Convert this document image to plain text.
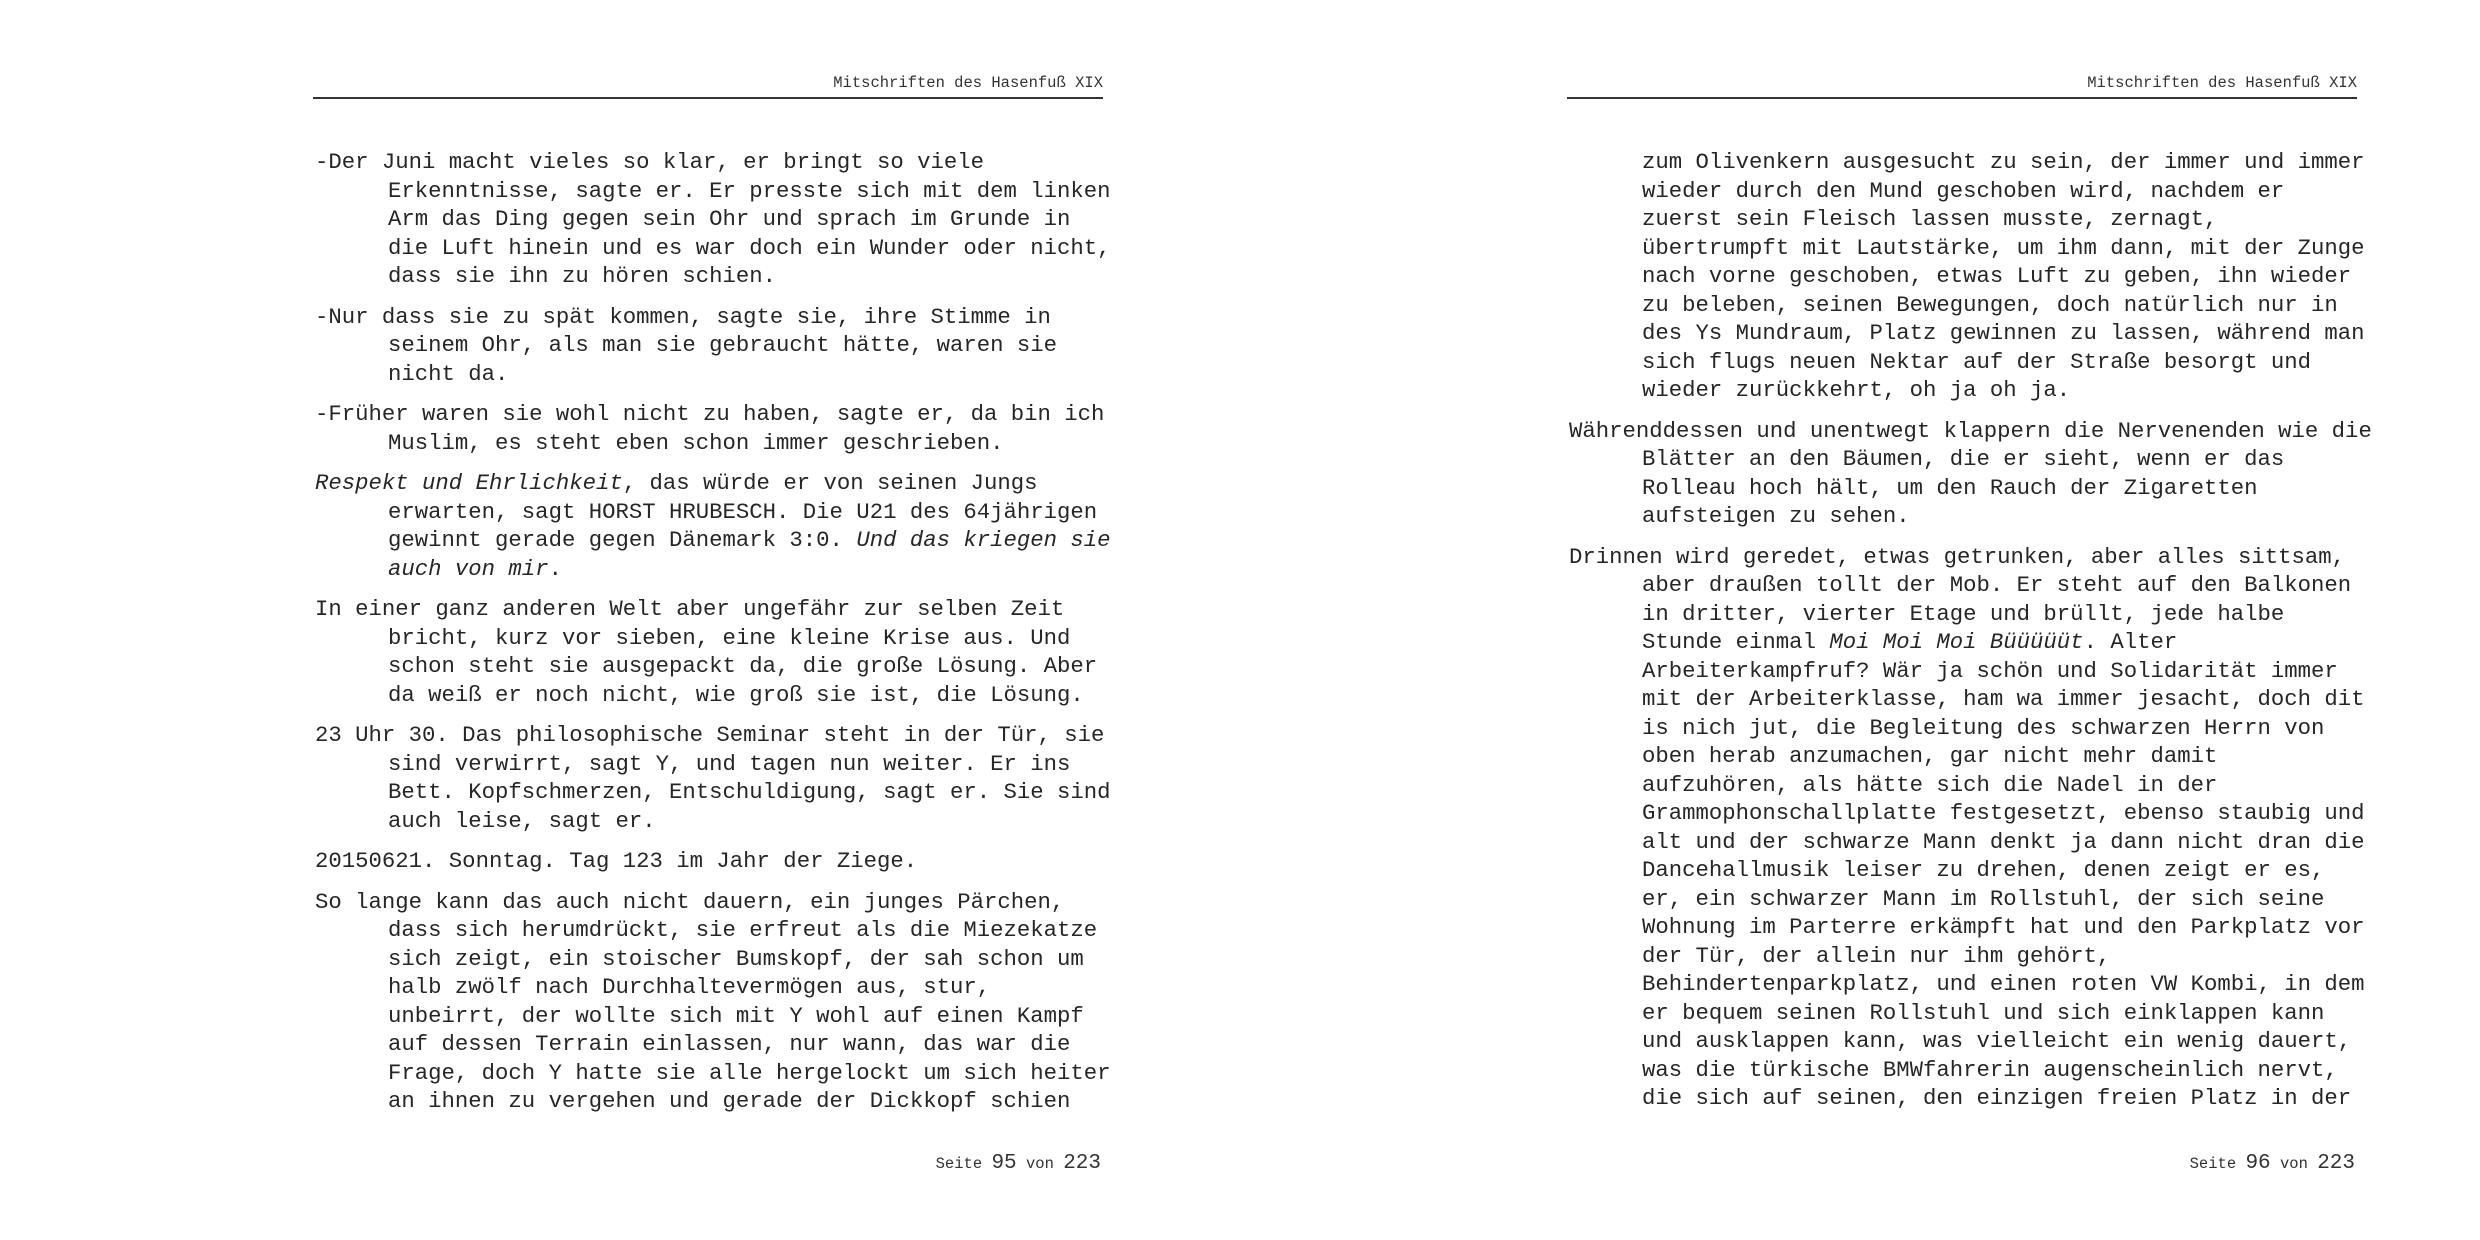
Mitschriften des Hasenfuß XIX

-Der Juni macht vieles so klar, er bringt so viele
Erkenntnisse, sagte er. Er presste sich mit dem linken
Arm das Ding gegen sein Ohr und sprach im Grunde in
die Luft hinein und es war doch ein Wunder oder nicht,
dass sie ihn zu hören schien.

-Nur dass sie zu spät kommen, sagte sie, ihre Stimme in
seinem Ohr, als man sie gebraucht hätte, waren sie
nicht da.

-Früher waren sie wohl nicht zu haben, sagte er, da bin ich
Muslim, es steht eben schon immer geschrieben.

Respekt und Ehrlichkeit, das würde er von seinen Jungs
erwarten, sagt HORST HRUBESCH. Die U21 des 64jährigen
gewinnt gerade gegen Dänemark 3:0. Und das kriegen sie
auch von mir.

In einer ganz anderen Welt aber ungefähr zur selben Zeit
bricht, kurz vor sieben, eine kleine Krise aus. Und
schon steht sie ausgepackt da, die große Lösung. Aber
da weiß er noch nicht, wie groß sie ist, die Lösung.

23 Uhr 30. Das philosophische Seminar steht in der Tür, sie
sind verwirrt, sagt Y, und tagen nun weiter. Er ins
Bett. Kopfschmerzen, Entschuldigung, sagt er. Sie sind
auch leise, sagt er.

20150621. Sonntag. Tag 123 im Jahr der Ziege.

So lange kann das auch nicht dauern, ein junges Pärchen,
dass sich herumdrückt, sie erfreut als die Miezekatze
sich zeigt, ein stoischer Bumskopf, der sah schon um
halb zwölf nach Durchhaltevermögen aus, stur,
unbeirrt, der wollte sich mit Y wohl auf einen Kampf
auf dessen Terrain einlassen, nur wann, das war die
Frage, doch Y hatte sie alle hergelockt um sich heiter
an ihnen zu vergehen und gerade der Dickkopf schien

Seite 95 von 223
Mitschriften des Hasenfuß XIX

zum Olivenkern ausgesucht zu sein, der immer und immer
wieder durch den Mund geschoben wird, nachdem er
zuerst sein Fleisch lassen musste, zernagt,
übertrumpft mit Lautstärke, um ihm dann, mit der Zunge
nach vorne geschoben, etwas Luft zu geben, ihn wieder
zu beleben, seinen Bewegungen, doch natürlich nur in
des Ys Mundraum, Platz gewinnen zu lassen, während man
sich flugs neuen Nektar auf der Straße besorgt und
wieder zurückkehrt, oh ja oh ja.

Währenddessen und unentwegt klappern die Nervenenden wie die
Blätter an den Bäumen, die er sieht, wenn er das
Rolleau hoch hält, um den Rauch der Zigaretten
aufsteigen zu sehen.

Drinnen wird geredet, etwas getrunken, aber alles sittsam,
aber draußen tollt der Mob. Er steht auf den Balkonen
in dritter, vierter Etage und brüllt, jede halbe
Stunde einmal Moi Moi Moi Büüüüüt. Alter
Arbeiterkampfruf? Wär ja schön und Solidarität immer
mit der Arbeiterklasse, ham wa immer jesacht, doch dit
is nich jut, die Begleitung des schwarzen Herrn von
oben herab anzumachen, gar nicht mehr damit
aufzuhören, als hätte sich die Nadel in der
Grammophonschallplatte festgesetzt, ebenso staubig und
alt und der schwarze Mann denkt ja dann nicht dran die
Dancehallmusik leiser zu drehen, denen zeigt er es,
er, ein schwarzer Mann im Rollstuhl, der sich seine
Wohnung im Parterre erkämpft hat und den Parkplatz vor
der Tür, der allein nur ihm gehört,
Behindertenparkplatz, und einen roten VW Kombi, in dem
er bequem seinen Rollstuhl und sich einklappen kann
und ausklappen kann, was vielleicht ein wenig dauert,
was die türkische BMWfahrerin augenscheinlich nervt,
die sich auf seinen, den einzigen freien Platz in der

Seite 96 von 223
